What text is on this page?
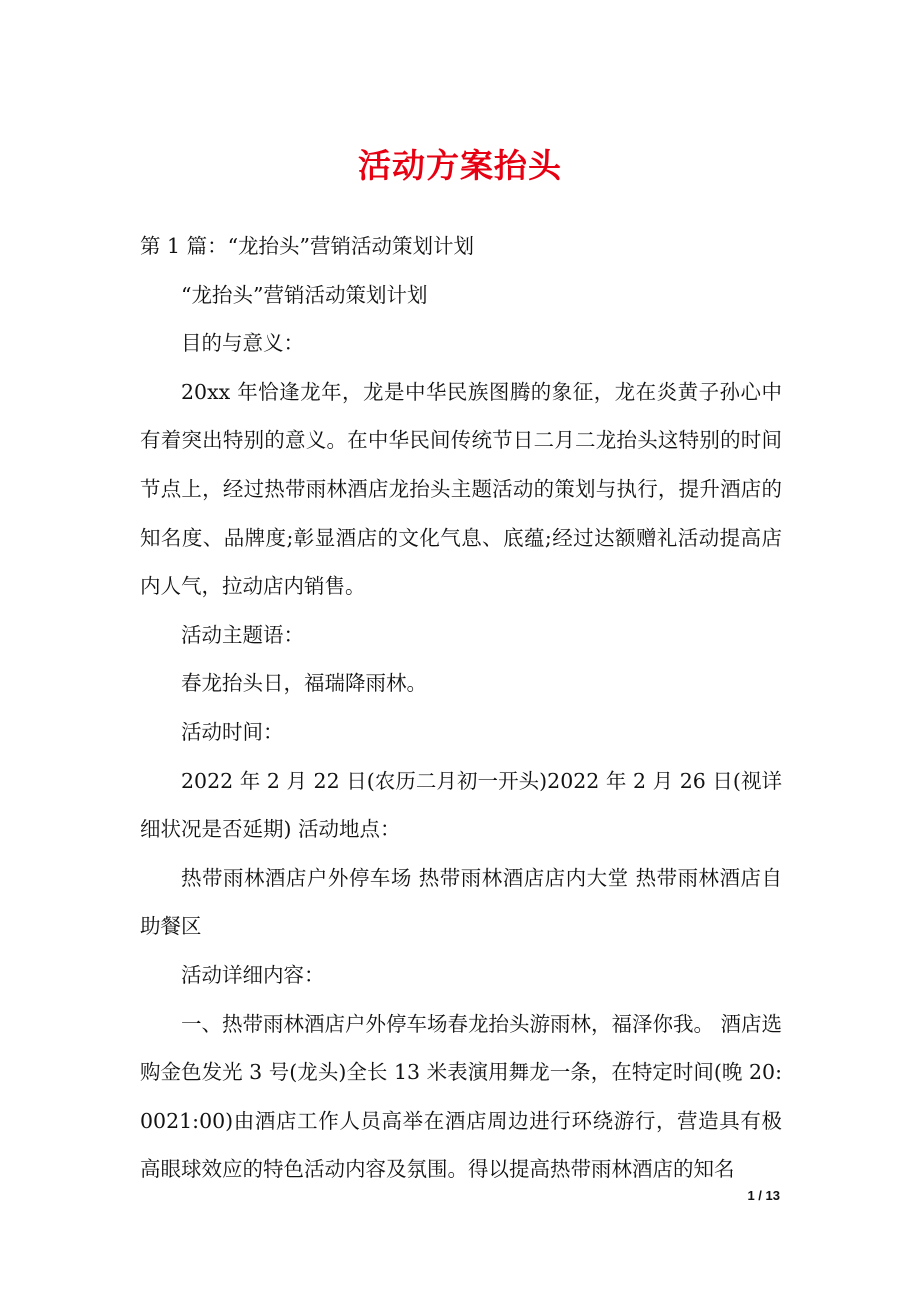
活动方案抬头

第 1 篇：“龙抬头”营销活动策划计划

“龙抬头”营销活动策划计划

目的与意义：

20xx 年恰逢龙年，龙是中华民族图腾的象征，龙在炎黄子孙心中有着突出特别的意义。在中华民间传统节日二月二龙抬头这特别的时间节点上，经过热带雨林酒店龙抬头主题活动的策划与执行，提升酒店的知名度、品牌度;彰显酒店的文化气息、底蕴;经过达额赠礼活动提高店内人气，拉动店内销售。

活动主题语：

春龙抬头日，福瑞降雨林。

活动时间：

2022 年 2 月 22 日(农历二月初一开头)2022 年 2 月 26 日(视详细状况是否延期) 活动地点：

热带雨林酒店户外停车场 热带雨林酒店店内大堂 热带雨林酒店自助餐区

活动详细内容：

一、热带雨林酒店户外停车场春龙抬头游雨林，福泽你我。 酒店选购金色发光 3 号(龙头)全长 13 米表演用舞龙一条，在特定时间(晚 20:0021:00)由酒店工作人员高举在酒店周边进行环绕游行，营造具有极高眼球效应的特色活动内容及氛围。得以提高热带雨林酒店的知名

1 / 13
